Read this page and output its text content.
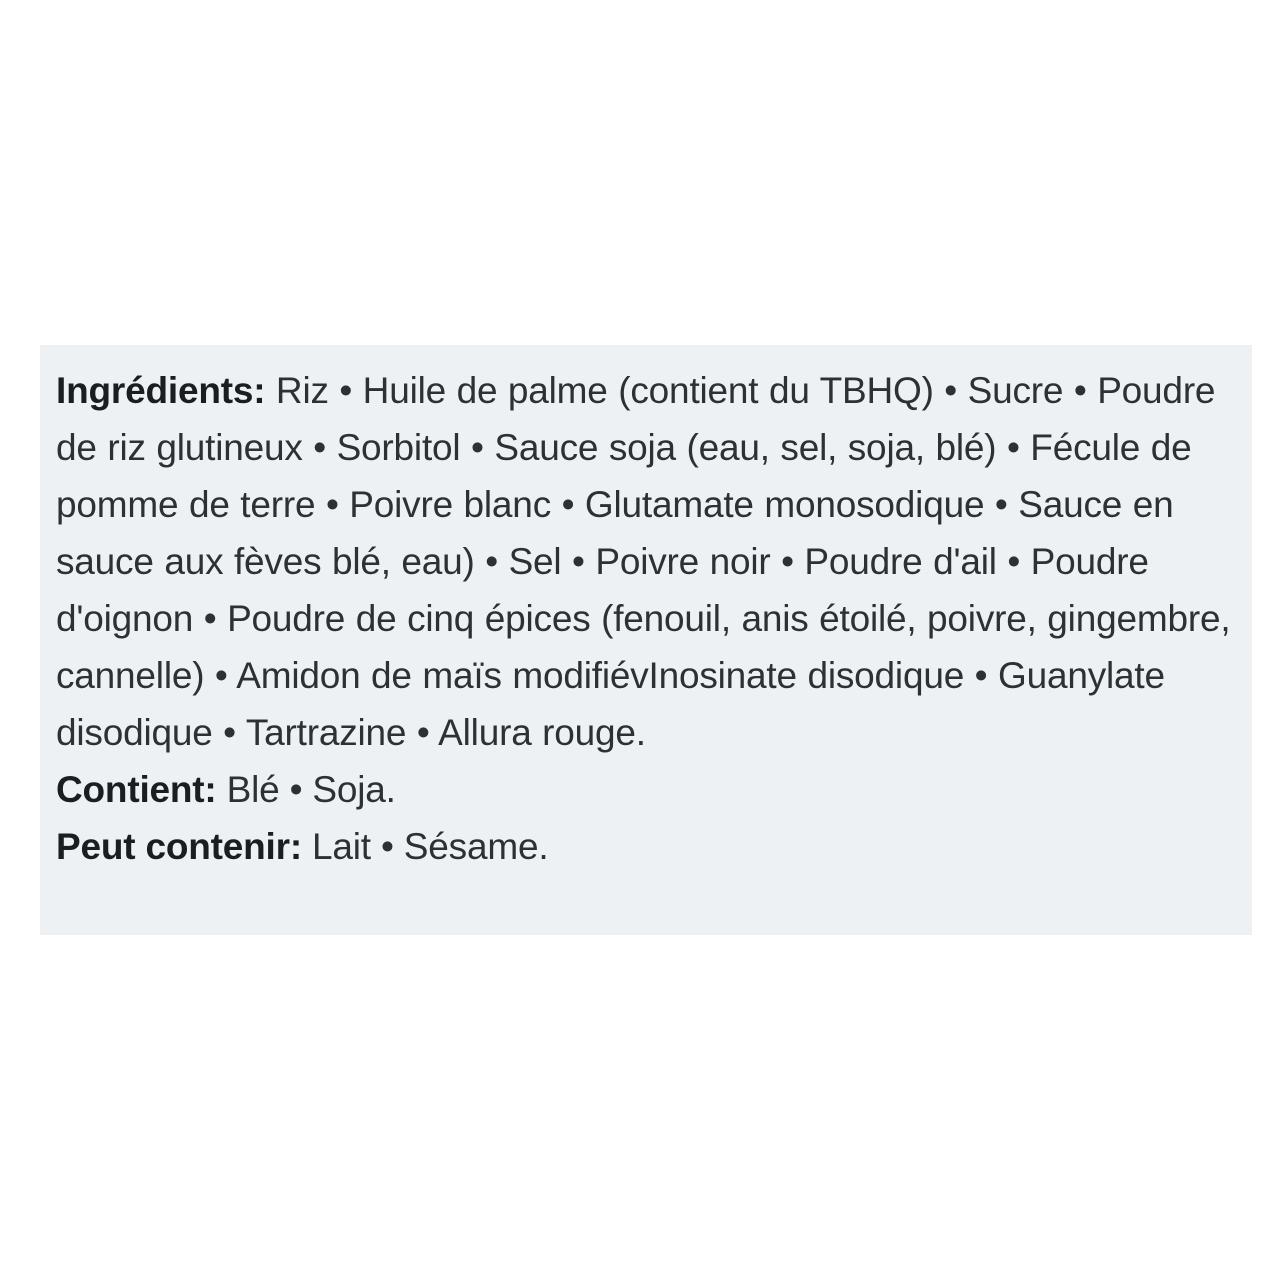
Ingrédients: Riz • Huile de palme (contient du TBHQ) • Sucre • Poudre de riz glutineux • Sorbitol • Sauce soja (eau, sel, soja, blé) • Fécule de pomme de terre • Poivre blanc • Glutamate monosodique • Sauce en sauce aux fèves blé, eau) • Sel • Poivre noir • Poudre d'ail • Poudre d'oignon • Poudre de cinq épices (fenouil, anis étoilé, poivre, gingembre, cannelle) • Amidon de maïs modifiévInosinate disodique • Guanylate disodique • Tartrazine • Allura rouge.

Contient: Blé • Soja.

Peut contenir: Lait • Sésame.
